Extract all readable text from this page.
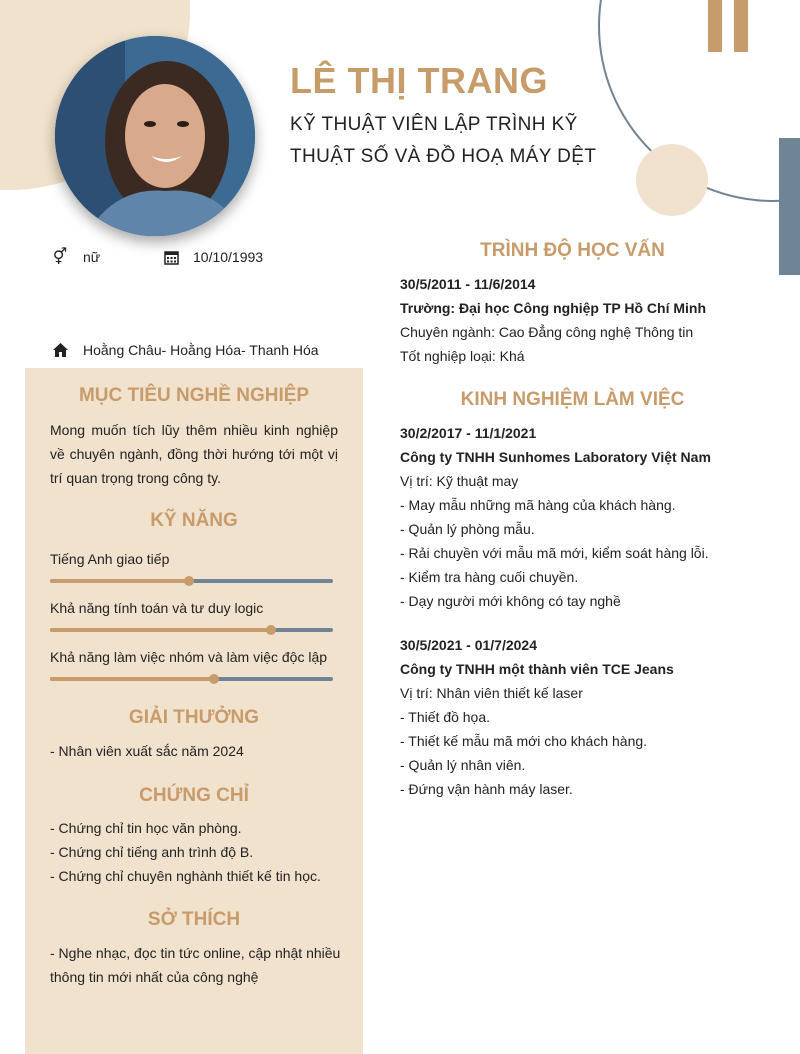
LÊ THỊ TRANG
KỸ THUẬT VIÊN LẬP TRÌNH KỸ
THUẬT SỐ VÀ ĐỒ HOẠ MÁY DỆT
⚥ nữ	10/10/1993
Hoằng Châu- Hoằng Hóa- Thanh Hóa
MỤC TIÊU NGHỀ NGHIỆP
Mong muốn tích lũy thêm nhiều kinh nghiệp về chuyên ngành, đồng thời hướng tới một vị trí quan trọng trong công ty.
KỸ NĂNG
Tiếng Anh giao tiếp
Khả năng tính toán và tư duy logic
Khả năng làm việc nhóm và làm việc độc lập
GIẢI THƯỞNG
- Nhân viên xuất sắc năm 2024
CHỨNG CHỈ
- Chứng chỉ tin học văn phòng.
- Chứng chỉ tiếng anh trình độ B.
- Chứng chỉ chuyên nghành thiết kế tin học.
SỞ THÍCH
- Nghe nhạc, đọc tin tức online, cập nhật nhiều
thông tin mới nhất của công nghệ
TRÌNH ĐỘ HỌC VẤN
30/5/2011 - 11/6/2014
Trường: Đại học Công nghiệp TP Hồ Chí Minh
Chuyên ngành: Cao Đẳng công nghệ Thông tin
Tốt nghiệp loại: Khá
KINH NGHIỆM LÀM VIỆC
30/2/2017 - 11/1/2021
Công ty TNHH Sunhomes Laboratory Việt Nam
Vị trí: Kỹ thuật may
- May mẫu những mã hàng của khách hàng.
- Quản lý phòng mẫu.
- Rải chuyền với mẫu mã mới, kiểm soát hàng lỗi.
- Kiểm tra hàng cuối chuyền.
- Dạy người mới không có tay nghề
30/5/2021 - 01/7/2024
Công ty TNHH một thành viên TCE Jeans
Vị trí: Nhân viên thiết kế laser
- Thiết đồ họa.
- Thiết kế mẫu mã mới cho khách hàng.
- Quản lý nhân viên.
- Đứng vận hành máy laser.
